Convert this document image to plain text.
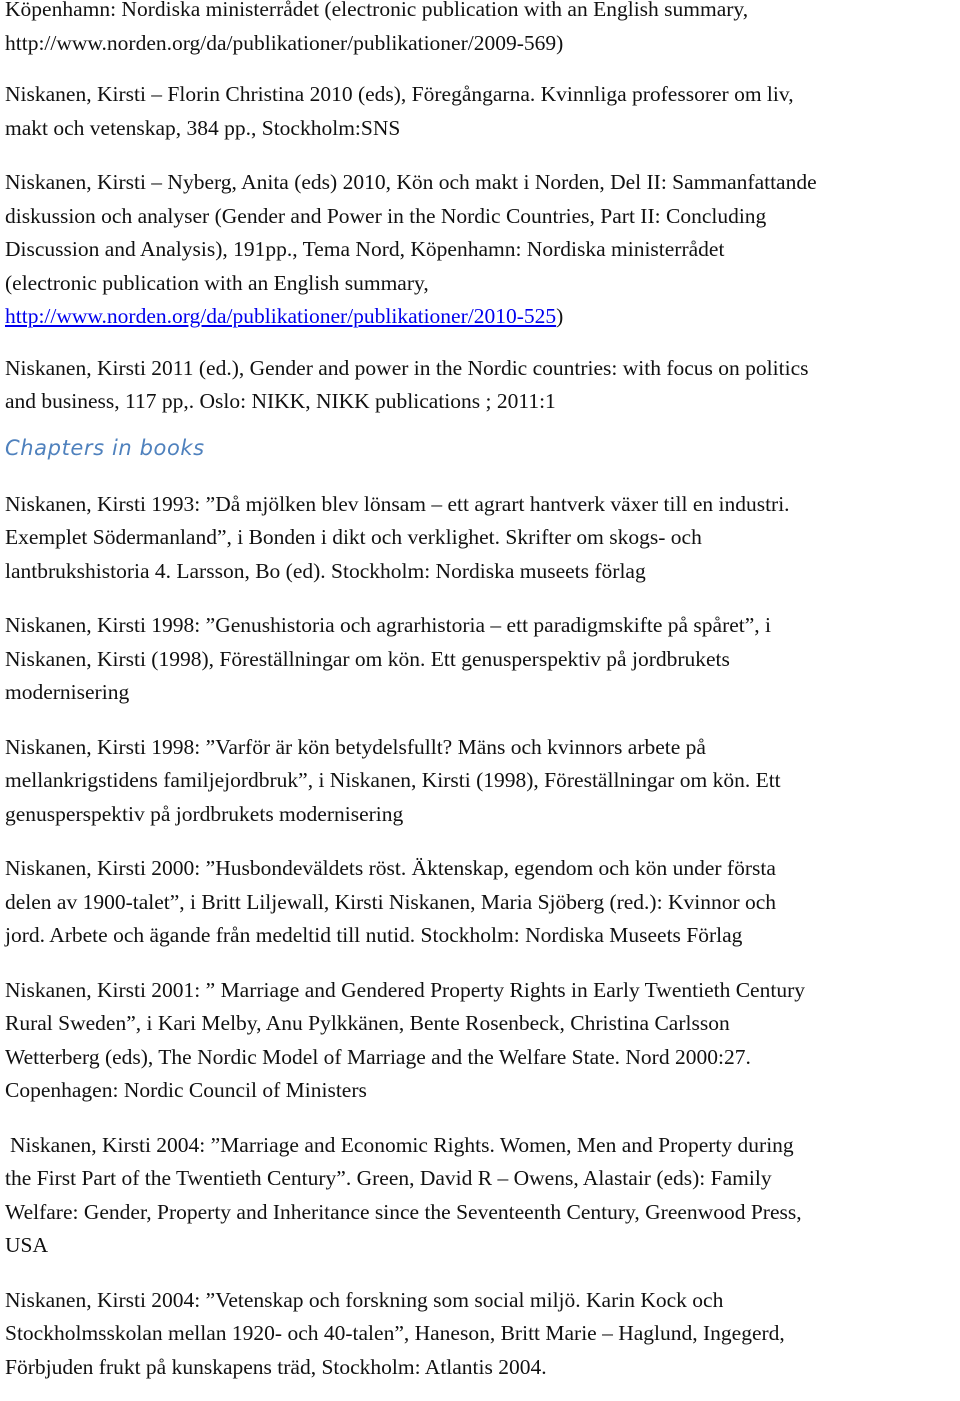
Köpenhamn: Nordiska ministerrådet (electronic publication with an English summary,
http://www.norden.org/da/publikationer/publikationer/2009-569)
Niskanen, Kirsti – Florin Christina 2010 (eds), Föregångarna. Kvinnliga professorer om liv,
makt och vetenskap, 384 pp., Stockholm:SNS
Niskanen, Kirsti – Nyberg, Anita (eds) 2010, Kön och makt i Norden, Del II: Sammanfattande
diskussion och analyser (Gender and Power in the Nordic Countries, Part II: Concluding
Discussion and Analysis), 191pp., Tema Nord, Köpenhamn: Nordiska ministerrådet
(electronic publication with an English summary,
http://www.norden.org/da/publikationer/publikationer/2010-525)
Niskanen, Kirsti 2011 (ed.), Gender and power in the Nordic countries: with focus on politics
and business, 117 pp,. Oslo: NIKK, NIKK publications ; 2011:1
Chapters in books
Niskanen, Kirsti 1993: ”Då mjölken blev lönsam – ett agrart hantverk växer till en industri.
Exemplet Södermanland”, i Bonden i dikt och verklighet. Skrifter om skogs- och
lantbrukshistoria 4. Larsson, Bo (ed). Stockholm: Nordiska museets förlag
Niskanen, Kirsti 1998: ”Genushistoria och agrarhistoria – ett paradigmskifte på spåret”, i
Niskanen, Kirsti (1998), Föreställningar om kön. Ett genusperspektiv på jordbrukets
modernisering
Niskanen, Kirsti 1998: ”Varför är kön betydelsfullt? Mäns och kvinnors arbete på
mellankrigstidens familjejordbruk”, i Niskanen, Kirsti (1998), Föreställningar om kön. Ett
genusperspektiv på jordbrukets modernisering
Niskanen, Kirsti 2000: ”Husbondeväldets röst. Äktenskap, egendom och kön under första
delen av 1900-talet”, i Britt Liljewall, Kirsti Niskanen, Maria Sjöberg (red.): Kvinnor och
jord. Arbete och ägande från medeltid till nutid. Stockholm: Nordiska Museets Förlag
Niskanen, Kirsti 2001: ” Marriage and Gendered Property Rights in Early Twentieth Century
Rural Sweden”, i Kari Melby, Anu Pylkkänen, Bente Rosenbeck, Christina Carlsson
Wetterberg (eds), The Nordic Model of Marriage and the Welfare State. Nord 2000:27.
Copenhagen: Nordic Council of Ministers
Niskanen, Kirsti 2004: ”Marriage and Economic Rights. Women, Men and Property during
the First Part of the Twentieth Century”. Green, David R – Owens, Alastair (eds): Family
Welfare: Gender, Property and Inheritance since the Seventeenth Century, Greenwood Press,
USA
Niskanen, Kirsti 2004: ”Vetenskap och forskning som social miljö. Karin Kock och
Stockholmsskolan mellan 1920- och 40-talen”, Haneson, Britt Marie – Haglund, Ingegerd,
Förbjuden frukt på kunskapens träd, Stockholm: Atlantis 2004.
